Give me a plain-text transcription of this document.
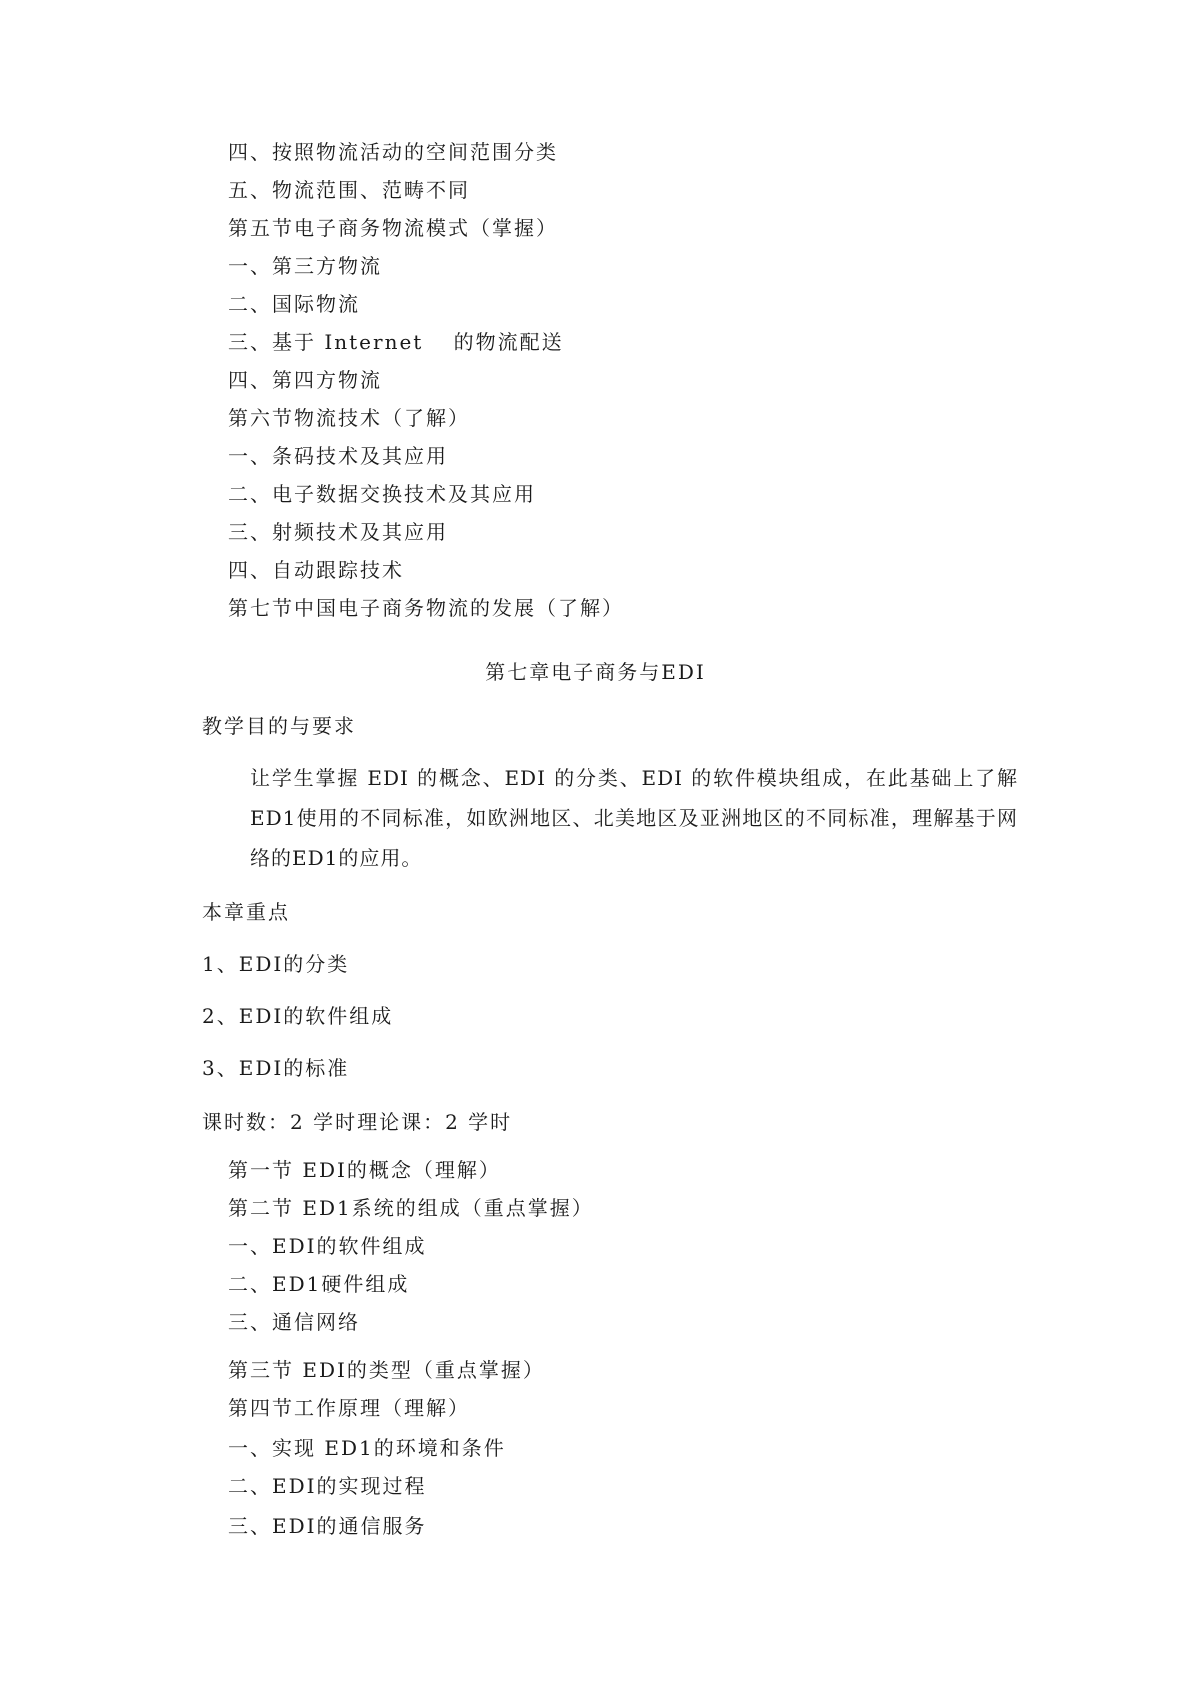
四、按照物流活动的空间范围分类
五、物流范围、范畴不同
第五节电子商务物流模式（掌握）
一、第三方物流
二、国际物流
三、基于 Internet　 的物流配送
四、第四方物流
第六节物流技术（了解）
一、条码技术及其应用
二、电子数据交换技术及其应用
三、射频技术及其应用
四、自动跟踪技术
第七节中国电子商务物流的发展（了解）
第七章电子商务与EDI
教学目的与要求
让学生掌握 EDI 的概念、EDI 的分类、EDI 的软件模块组成，在此基础上了解ED1使用的不同标准，如欧洲地区、北美地区及亚洲地区的不同标准，理解基于网络的ED1的应用。
本章重点
1、EDI的分类
2、EDI的软件组成
3、EDI的标准
课时数：2 学时理论课：2 学时
第一节 EDI的概念（理解）
第二节 ED1系统的组成（重点掌握）
一、EDI的软件组成
二、ED1硬件组成
三、通信网络
第三节 EDI的类型（重点掌握）
第四节工作原理（理解）
一、实现 ED1的环境和条件
二、EDI的实现过程
三、EDI的通信服务
